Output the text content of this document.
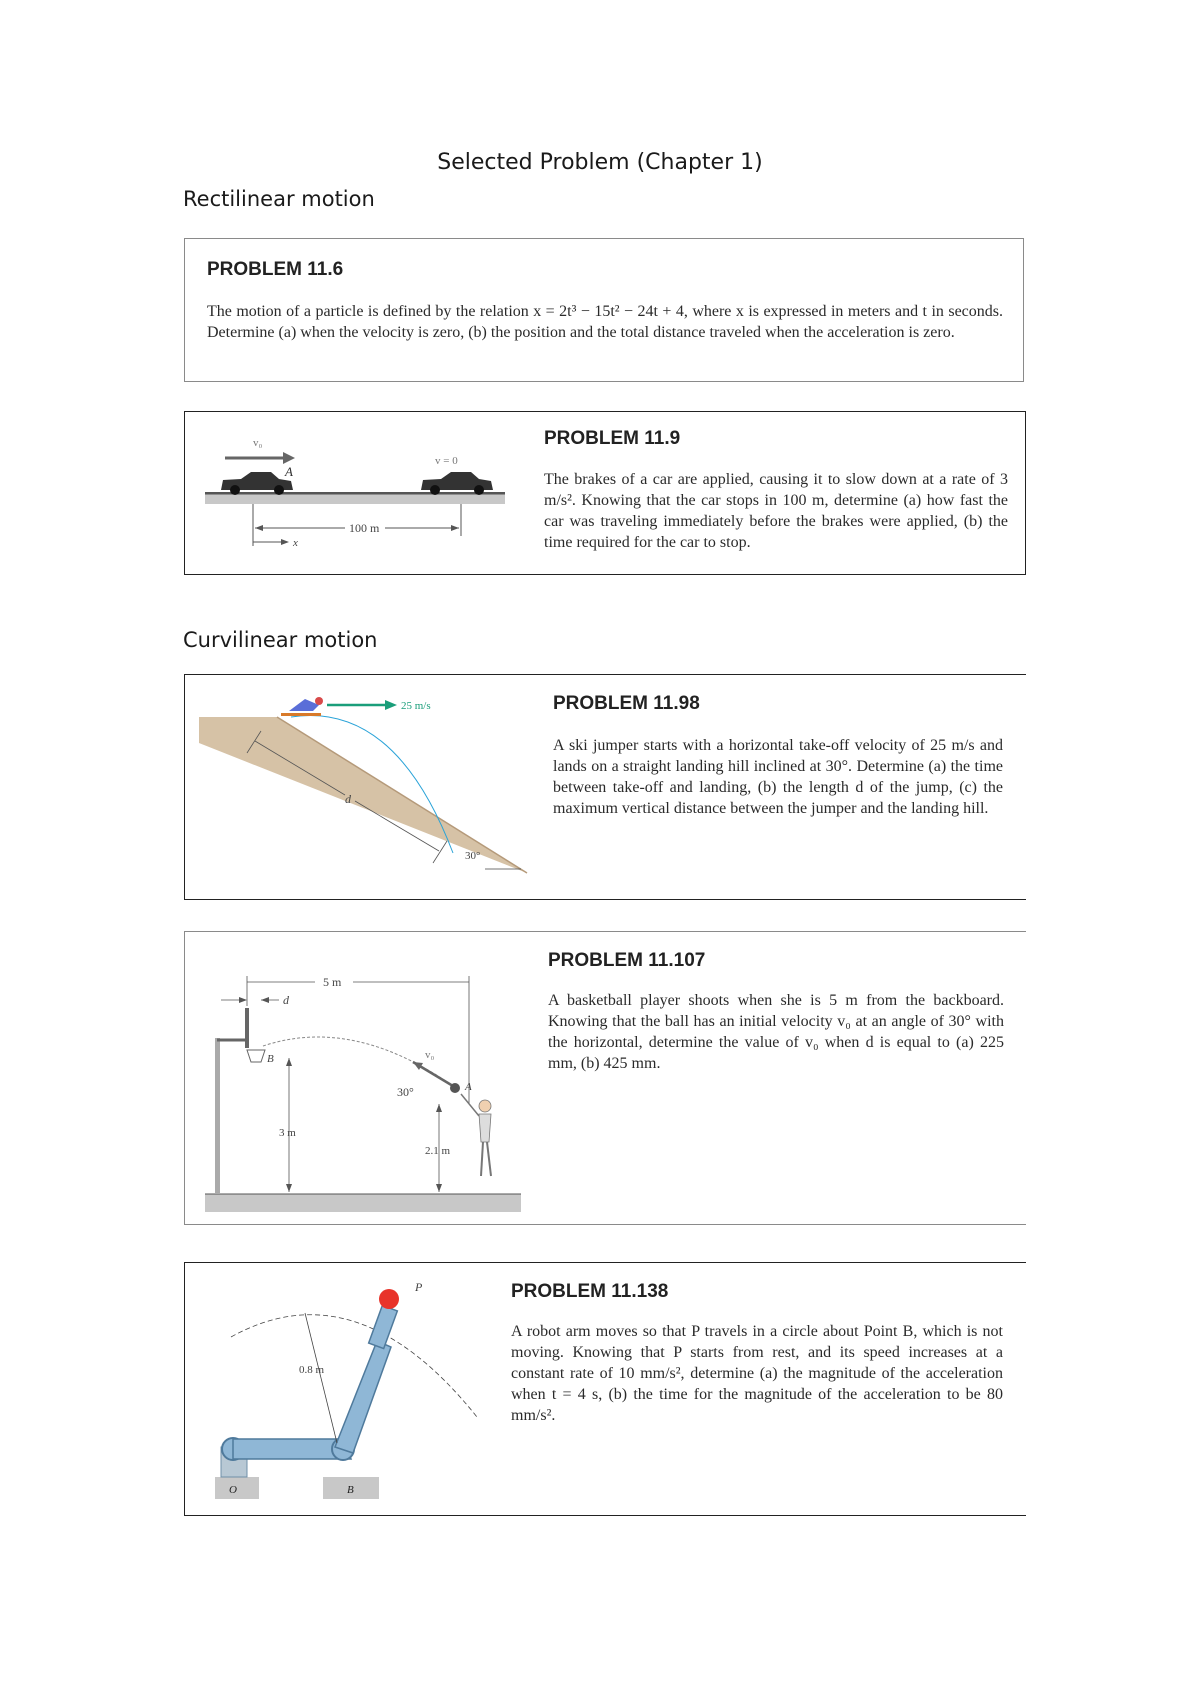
Selected Problem (Chapter 1)
Rectilinear motion
PROBLEM 11.6
The motion of a particle is defined by the relation x = 2t³ − 15t² − 24t + 4, where x is expressed in meters and t in seconds. Determine (a) when the velocity is zero, (b) the position and the total distance traveled when the acceleration is zero.
v₀
A
v = 0
100 m
x
PROBLEM 11.9
The brakes of a car are applied, causing it to slow down at a rate of 3 m/s². Knowing that the car stops in 100 m, determine (a) how fast the car was traveling immediately before the brakes were applied, (b) the time required for the car to stop.
Curvilinear motion
25 m/s
d
30°
PROBLEM 11.98
A ski jumper starts with a horizontal take-off velocity of 25 m/s and lands on a straight landing hill inclined at 30°. Determine (a) the time between take-off and landing, (b) the length d of the jump, (c) the maximum vertical distance between the jumper and the landing hill.
B
5 m
d
v₀
30°	A
3 m
2.1 m
PROBLEM 11.107
A basketball player shoots when she is 5 m from the backboard. Knowing that the ball has an initial velocity v₀ at an angle of 30° with the horizontal, determine the value of v₀ when d is equal to (a) 225 mm, (b) 425 mm.
P
0.8 m
O	B
PROBLEM 11.138
A robot arm moves so that P travels in a circle about Point B, which is not moving. Knowing that P starts from rest, and its speed increases at a constant rate of 10 mm/s², determine (a) the magnitude of the acceleration when t = 4 s, (b) the time for the magnitude of the acceleration to be 80 mm/s².
